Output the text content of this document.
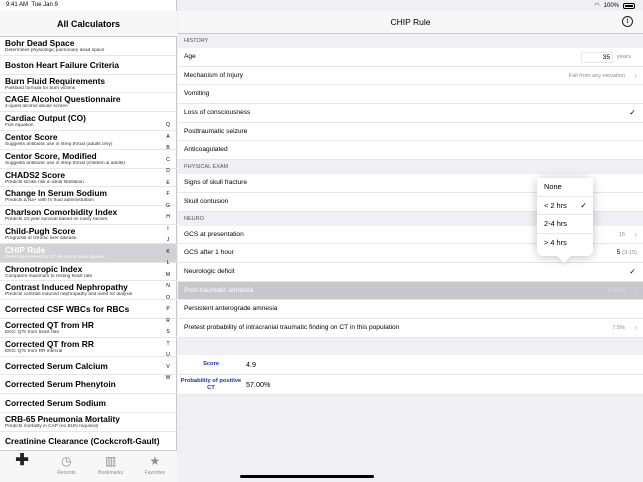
9:41 AM Tue Jan 9
All Calculators
Bohr Dead Space
Determines physiologic pulmonary dead space
Boston Heart Failure Criteria
Burn Fluid Requirements
Parkland formula for burn victims
CAGE Alcohol Questionnaire
4-quest alcohol abuse screen
Cardiac Output (CO)
Fick equation
Centor Score
Suggests antibiotic use in strep throat (adults only)
Centor Score, Modified
Suggests antibiotic use in strep throat (children & adults)
CHADS2 Score
Predicts stroke risk in atrial fibrillation
Change In Serum Sodium
Predicts Δ Na+ with IV fluid administration
Charlson Comorbidity Index
Predicts 10-year survival based on many factors
Child-Pugh Score
Prognosis of chronic liver disease
CHIP Rule
Determines need for CT for minor head injuries
Chronotropic Index
Compares maximum to resting heart rate
Contrast Induced Nephropathy
Predicts contrast induced nephropathy and need for dialysis
Corrected CSF WBCs for RBCs
Corrected QT from HR
EKG: QTc from heart rate
Corrected QT from RR
EKG: QTc from RR interval
Corrected Serum Calcium
Corrected Serum Phenytoin
Corrected Serum Sodium
CRB-65 Pneumonia Mortality
Predicts mortality in CAP (no BUN required)
Creatinine Clearance (Cockcroft-Gault)
Q
A
B
C
D
E
F
G
H
I
J
K
L
M
N
O
P
R
S
T
U
V
W
✚	◷
Recents
▥
Bookmarks
★
Favorites
◠ 100%
CHIP Rule	i
HISTORY
Age	35	years
Mechanism of Injury	Fall from any elevation ›
Vomiting
Loss of consciousness	✓
Posttraumatic seizure
Anticoagulated
PHYSICAL EXAM
Signs of skull fracture
Skull contusion
NEURO
GCS at presentation	15 ›
GCS after 1 hour	5 (3-15)
Neurologic deficit	✓
Post-traumatic amnesia	< 2 hrs ›
Persistent anterograde amnesia
Pretest probability of intracranial traumatic finding on CT in this population	7.5% ›
Score	4.9
Probability of positive CT	57.00%
None
< 2 hrs ✓
2-4 hrs
> 4 hrs
